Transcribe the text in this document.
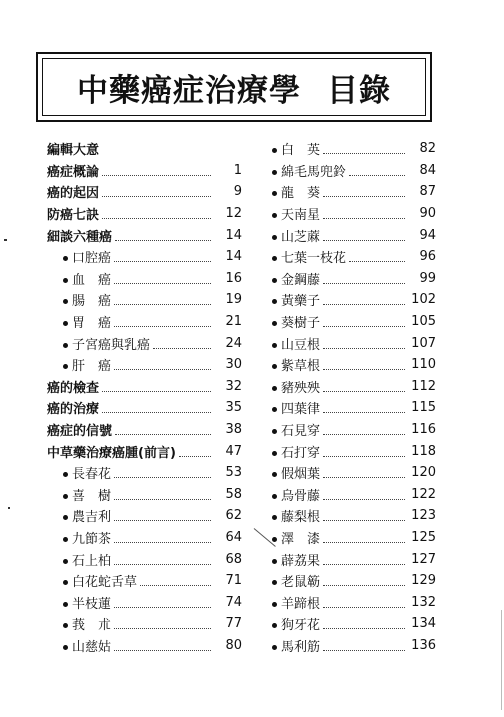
中藥癌症治療學 目錄
編輯大意
癌症概論	1
癌的起因	9
防癌七訣	12
細談六種癌	14
口腔癌	14
血　癌	16
腸　癌	19
胃　癌	21
子宮癌與乳癌	24
肝　癌	30
癌的檢查	32
癌的治療	35
癌症的信號	38
中草藥治療癌腫(前言)	47
長春花	53
喜　樹	58
農吉利	62
九節茶	64
石上柏	68
白花蛇舌草	71
半枝蓮	74
莪　朮	77
山慈姑	80
白　英	82
綿毛馬兜鈴	84
龍　葵	87
天南星	90
山芝蔴	94
七葉一枝花	96
金鋼藤	99
黃藥子	102
葵樹子	105
山豆根	107
紫草根	110
豬殃殃	112
四葉律	115
石見穿	116
石打穿	118
假烟葉	120
烏骨藤	122
藤梨根	123
澤　漆	125
薜荔果	127
老鼠簕	129
羊蹄根	132
狗牙花	134
馬利筋	136
